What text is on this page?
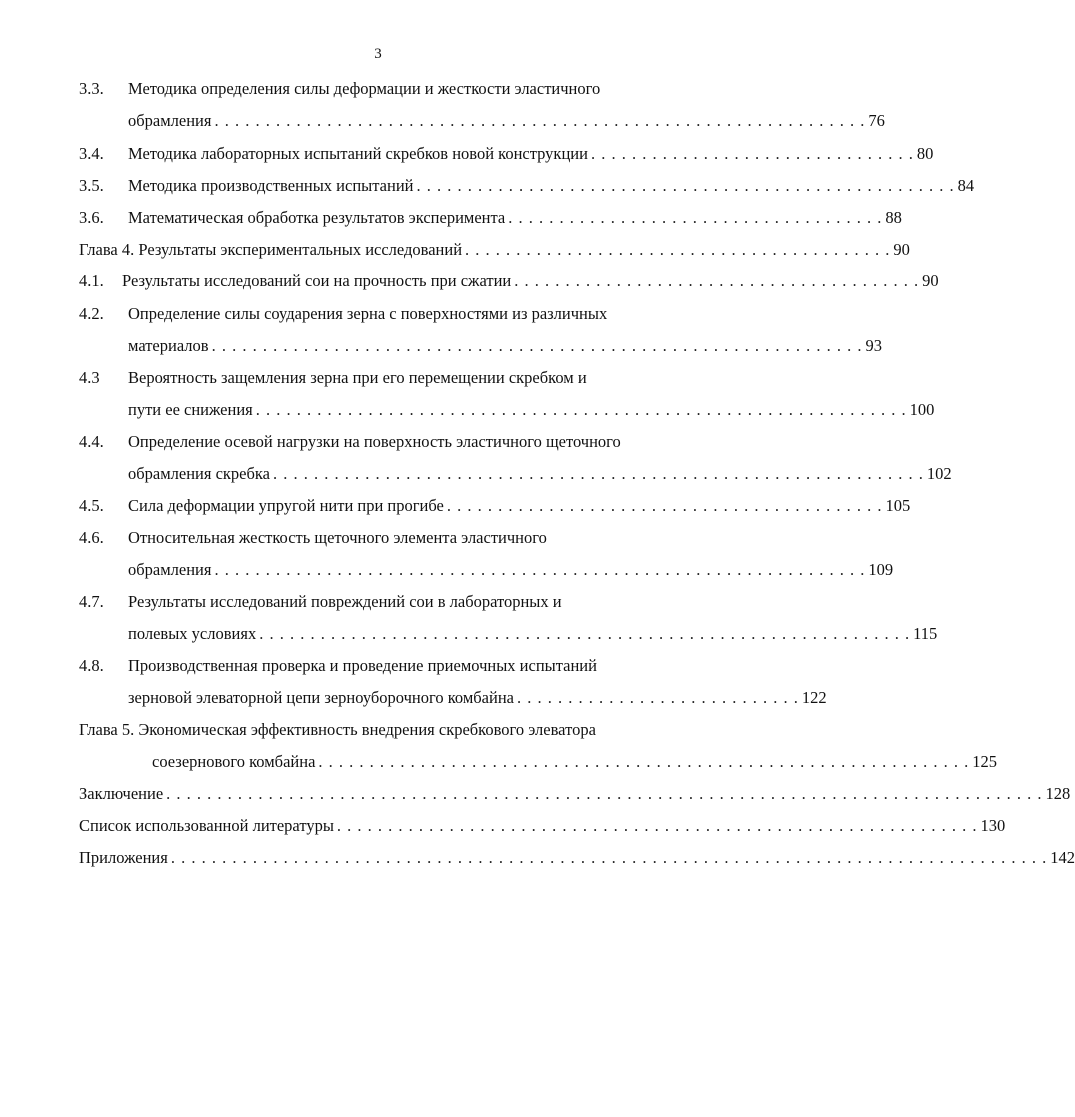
3
3.3. Методика определения силы деформации и жесткости эластичного
обрамления . . . . . . . . . . . . . . . . . . . . . . . . . . . . . . . . . . . . . . . . . . . . . . . . . . . . . . . . . . . . . . . . 76
3.4. Методика лабораторных испытаний скребков новой конструкции . . . . . . . . . . . . . . . . . . . . . . . . . . . . . . . . 80
3.5. Методика производственных испытаний . . . . . . . . . . . . . . . . . . . . . . . . . . . . . . . . . . . . . . . . . . . . . . . . . . . . . 84
3.6. Математическая обработка результатов эксперимента . . . . . . . . . . . . . . . . . . . . . . . . . . . . . . . . . . . . . 88
Глава 4. Результаты экспериментальных исследований . . . . . . . . . . . . . . . . . . . . . . . . . . . . . . . . . . . . . . . . . . 90
4.1. Результаты исследований сои на прочность при сжатии . . . . . . . . . . . . . . . . . . . . . . . . . . . . . . . . . . . . . . . . 90
4.2. Определение силы соударения зерна с поверхностями из различных
материалов . . . . . . . . . . . . . . . . . . . . . . . . . . . . . . . . . . . . . . . . . . . . . . . . . . . . . . . . . . . . . . . . 93
4.3 Вероятность защемления зерна при его перемещении скребком и
пути ее снижения . . . . . . . . . . . . . . . . . . . . . . . . . . . . . . . . . . . . . . . . . . . . . . . . . . . . . . . . . . . . . . . . 100
4.4. Определение осевой нагрузки на поверхность эластичного щеточного
обрамления скребка . . . . . . . . . . . . . . . . . . . . . . . . . . . . . . . . . . . . . . . . . . . . . . . . . . . . . . . . . . . . . . . . 102
4.5. Сила деформации упругой нити при прогибе . . . . . . . . . . . . . . . . . . . . . . . . . . . . . . . . . . . . . . . . . . . 105
4.6. Относительная жесткость щеточного элемента эластичного
обрамления . . . . . . . . . . . . . . . . . . . . . . . . . . . . . . . . . . . . . . . . . . . . . . . . . . . . . . . . . . . . . . . . 109
4.7. Результаты исследований повреждений сои в лабораторных и
полевых условиях . . . . . . . . . . . . . . . . . . . . . . . . . . . . . . . . . . . . . . . . . . . . . . . . . . . . . . . . . . . . . . . . 115
4.8. Производственная проверка и проведение приемочных испытаний
зерновой элеваторной цепи зерноуборочного комбайна . . . . . . . . . . . . . . . . . . . . . . . . . . . . 122
Глава 5. Экономическая эффективность внедрения скребкового элеватора
соезернового комбайна . . . . . . . . . . . . . . . . . . . . . . . . . . . . . . . . . . . . . . . . . . . . . . . . . . . . . . . . . . . . . . . . 125
Заключение . . . . . . . . . . . . . . . . . . . . . . . . . . . . . . . . . . . . . . . . . . . . . . . . . . . . . . . . . . . . . . . . . . . . . . . . . . . . . . . . . . . . . . 128
Список использованной литературы . . . . . . . . . . . . . . . . . . . . . . . . . . . . . . . . . . . . . . . . . . . . . . . . . . . . . . . . . . . . . . . 130
Приложения . . . . . . . . . . . . . . . . . . . . . . . . . . . . . . . . . . . . . . . . . . . . . . . . . . . . . . . . . . . . . . . . . . . . . . . . . . . . . . . . . . . . . . 142
